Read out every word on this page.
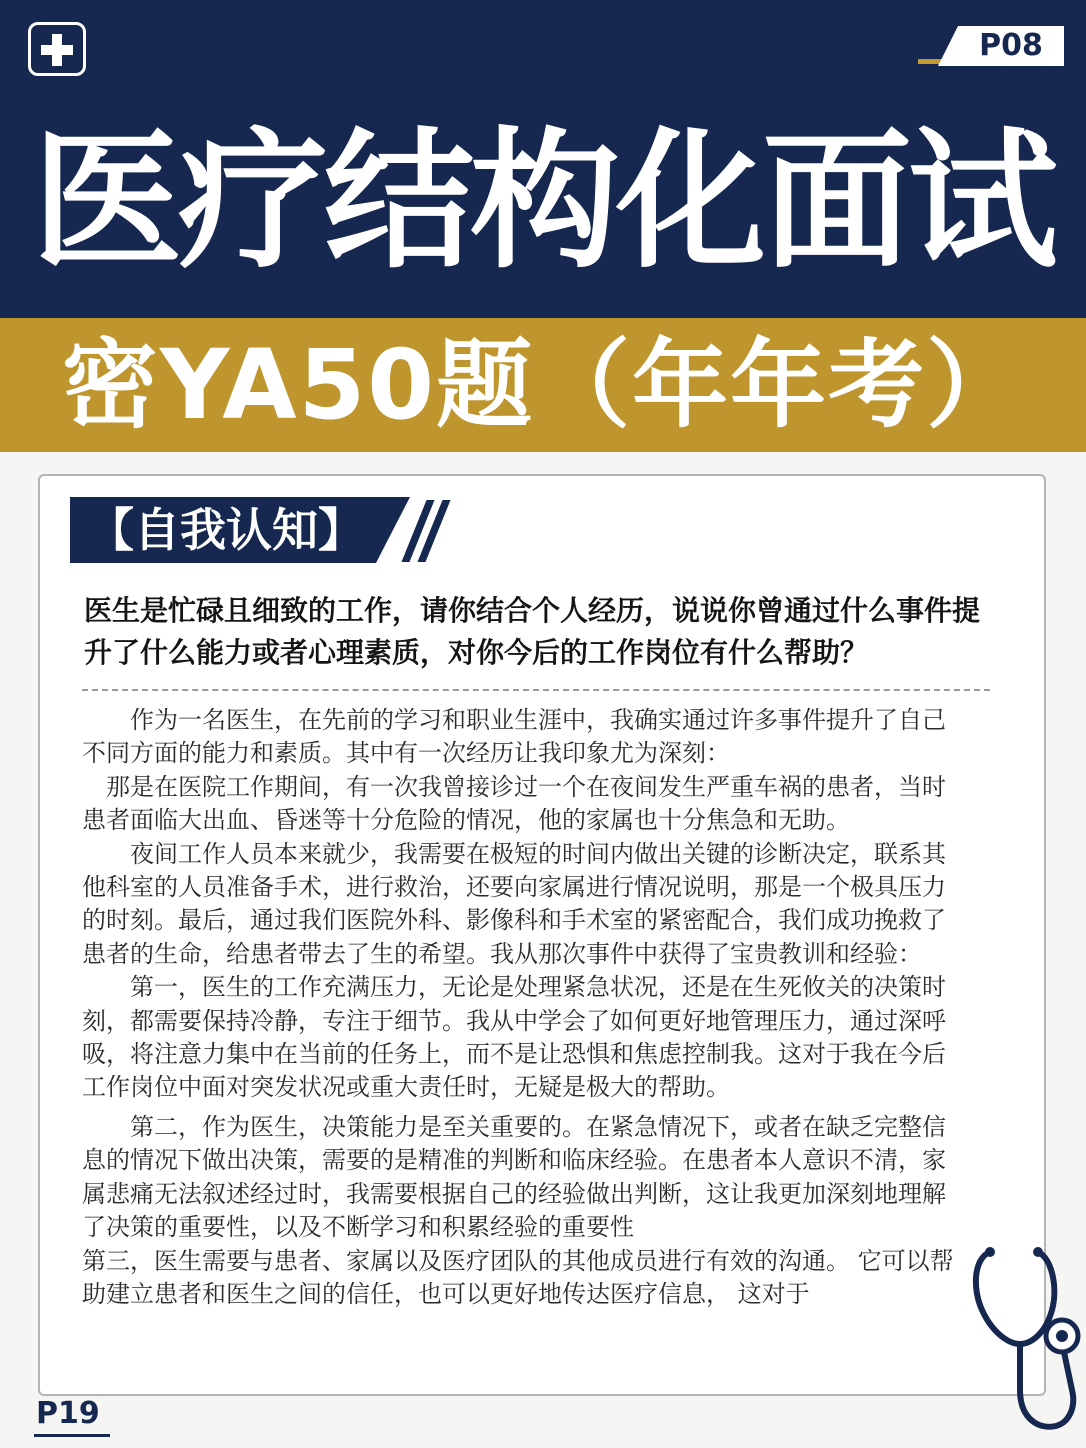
P08
医疗结构化面试
密YA50题（年年考）
【自我认知】
医生是忙碌且细致的工作，请你结合个人经历，说说你曾通过什么事件提升了什么能力或者心理素质，对你今后的工作岗位有什么帮助？

作为一名医生，在先前的学习和职业生涯中，我确实通过许多事件提升了自己不同方面的能力和素质。其中有一次经历让我印象尤为深刻：

那是在医院工作期间，有一次我曾接诊过一个在夜间发生严重车祸的患者，当时患者面临大出血、昏迷等十分危险的情况，他的家属也十分焦急和无助。

夜间工作人员本来就少，我需要在极短的时间内做出关键的诊断决定，联系其他科室的人员准备手术，进行救治，还要向家属进行情况说明，那是一个极具压力的时刻。最后，通过我们医院外科、影像科和手术室的紧密配合，我们成功挽救了患者的生命，给患者带去了生的希望。我从那次事件中获得了宝贵教训和经验：

第一，医生的工作充满压力，无论是处理紧急状况，还是在生死攸关的决策时刻，都需要保持冷静，专注于细节。我从中学会了如何更好地管理压力，通过深呼吸，将注意力集中在当前的任务上，而不是让恐惧和焦虑控制我。这对于我在今后工作岗位中面对突发状况或重大责任时，无疑是极大的帮助。

第二，作为医生，决策能力是至关重要的。在紧急情况下，或者在缺乏完整信息的情况下做出决策，需要的是精准的判断和临床经验。在患者本人意识不清，家属悲痛无法叙述经过时，我需要根据自己的经验做出判断，这让我更加深刻地理解了决策的重要性，以及不断学习和积累经验的重要性

第三，医生需要与患者、家属以及医疗团队的其他成员进行有效的沟通。 它可以帮助建立患者和医生之间的信任，也可以更好地传达医疗信息， 这对于

P19
